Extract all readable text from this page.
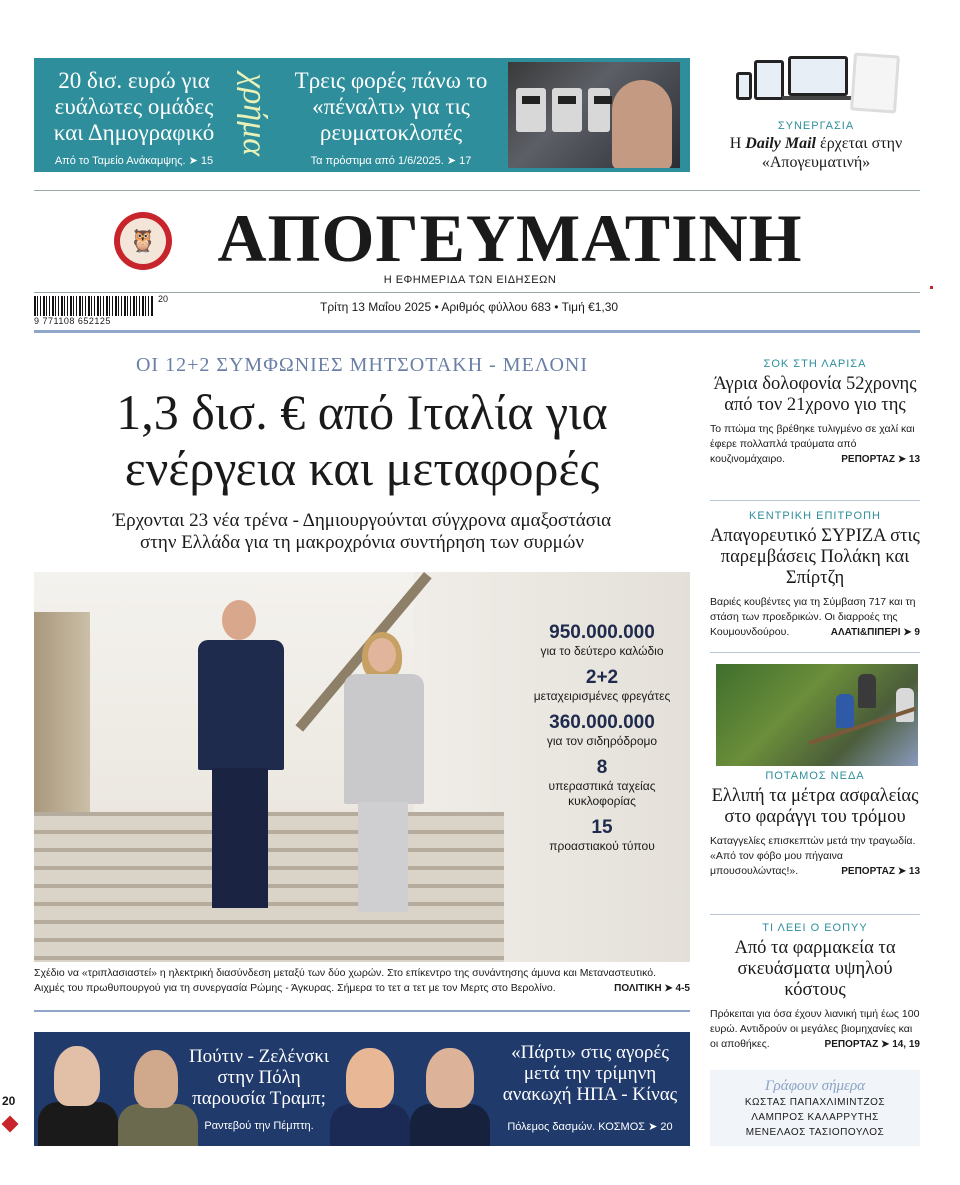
20 δισ. ευρώ για ευάλωτες ομάδες και Δημογραφικό
Από το Ταμείο Ανάκαμψης. ➤ 15
χρήμα Τρεις φορές πάνω το «πέναλτι» για τις ρευματοκλοπές
Τα πρόστιμα από 1/6/2025. ➤ 17
ΣΥΝΕΡΓΑΣΙΑ
Η Daily Mail έρχεται στην «Απογευματινή»
🦉 ΑΠΟΓΕΥΜΑΤΙΝΗ
Η ΕΦΗΜΕΡΙΔΑ ΤΩΝ ΕΙΔΗΣΕΩΝ
9 771108 652125
20
Τρίτη 13 Μαΐου 2025 • Αριθμός φύλλου 683 • Τιμή €1,30
ΟΙ 12+2 ΣΥΜΦΩΝΙΕΣ ΜΗΤΣΟΤΑΚΗ - ΜΕΛΟΝΙ
1,3 δισ. € από Ιταλία για
ενέργεια και μεταφορές
Έρχονται 23 νέα τρένα - Δημιουργούνται σύγχρονα αμαξοστάσια
στην Ελλάδα για τη μακροχρόνια συντήρηση των συρμών
950.000.000
για το δεύτερο καλώδιο
2+2
μεταχειρισμένες φρεγάτες
360.000.000
για τον σιδηρόδρομο
8
υπερασπικά ταχείας κυκλοφορίας
15
προαστιακού τύπου
Σχέδιο να «τριπλασιαστεί» η ηλεκτρική διασύνδεση μεταξύ των δύο χωρών. Στο επίκεντρο της συνάντησης άμυνα και Μεταναστευτικό.
Αιχμές του πρωθυπουργού για τη συνεργασία Ρώμης - Άγκυρας. Σήμερα το τετ α τετ με τον Μερτς στο Βερολίνο.	ΠΟΛΙΤΙΚΗ ➤ 4-5
Πούτιν - Ζελένσκι στην Πόλη παρουσία Τραμπ;
Ραντεβού την Πέμπτη.
«Πάρτι» στις αγορές μετά την τρίμηνη ανακωχή ΗΠΑ - Κίνας
Πόλεμος δασμών. ΚΟΣΜΟΣ ➤ 20
ΣΟΚ ΣΤΗ ΛΑΡΙΣΑ
Άγρια δολοφονία 52χρονης από τον 21χρονο γιο της
Το πτώμα της βρέθηκε τυλιγμένο σε χαλί και έφερε πολλαπλά τραύματα από κουζινομάχαιρο.	ΡΕΠΟΡΤΑΖ ➤ 13
ΚΕΝΤΡΙΚΗ ΕΠΙΤΡΟΠΗ
Απαγορευτικό ΣΥΡΙΖΑ στις παρεμβάσεις Πολάκη και Σπίρτζη
Βαριές κουβέντες για τη Σύμβαση 717 και τη στάση των προεδρικών. Οι διαρροές της Κουμουνδούρου.	ΑΛΑΤΙ&ΠΙΠΕΡΙ ➤ 9
ΠΟΤΑΜΟΣ ΝΕΔΑ
Ελλιπή τα μέτρα ασφαλείας στο φαράγγι του τρόμου
Καταγγελίες επισκεπτών μετά την τραγωδία. «Από τον φόβο μου πήγαινα μπουσουλώντας!».	ΡΕΠΟΡΤΑΖ ➤ 13
ΤΙ ΛΕΕΙ Ο ΕΟΠΥΥ
Από τα φαρμακεία τα σκευάσματα υψηλού κόστους
Πρόκειται για όσα έχουν λιανική τιμή έως 100 ευρώ. Αντιδρούν οι μεγάλες βιομηχανίες και οι αποθήκες.	ΡΕΠΟΡΤΑΖ ➤ 14, 19
Γράφουν σήμερα
ΚΩΣΤΑΣ ΠΑΠΑΧΛΙΜΙΝΤΖΟΣ
ΛΑΜΠΡΟΣ ΚΑΛΑΡΡΥΤΗΣ
ΜΕΝΕΛΑΟΣ ΤΑΣΙΟΠΟΥΛΟΣ
20
